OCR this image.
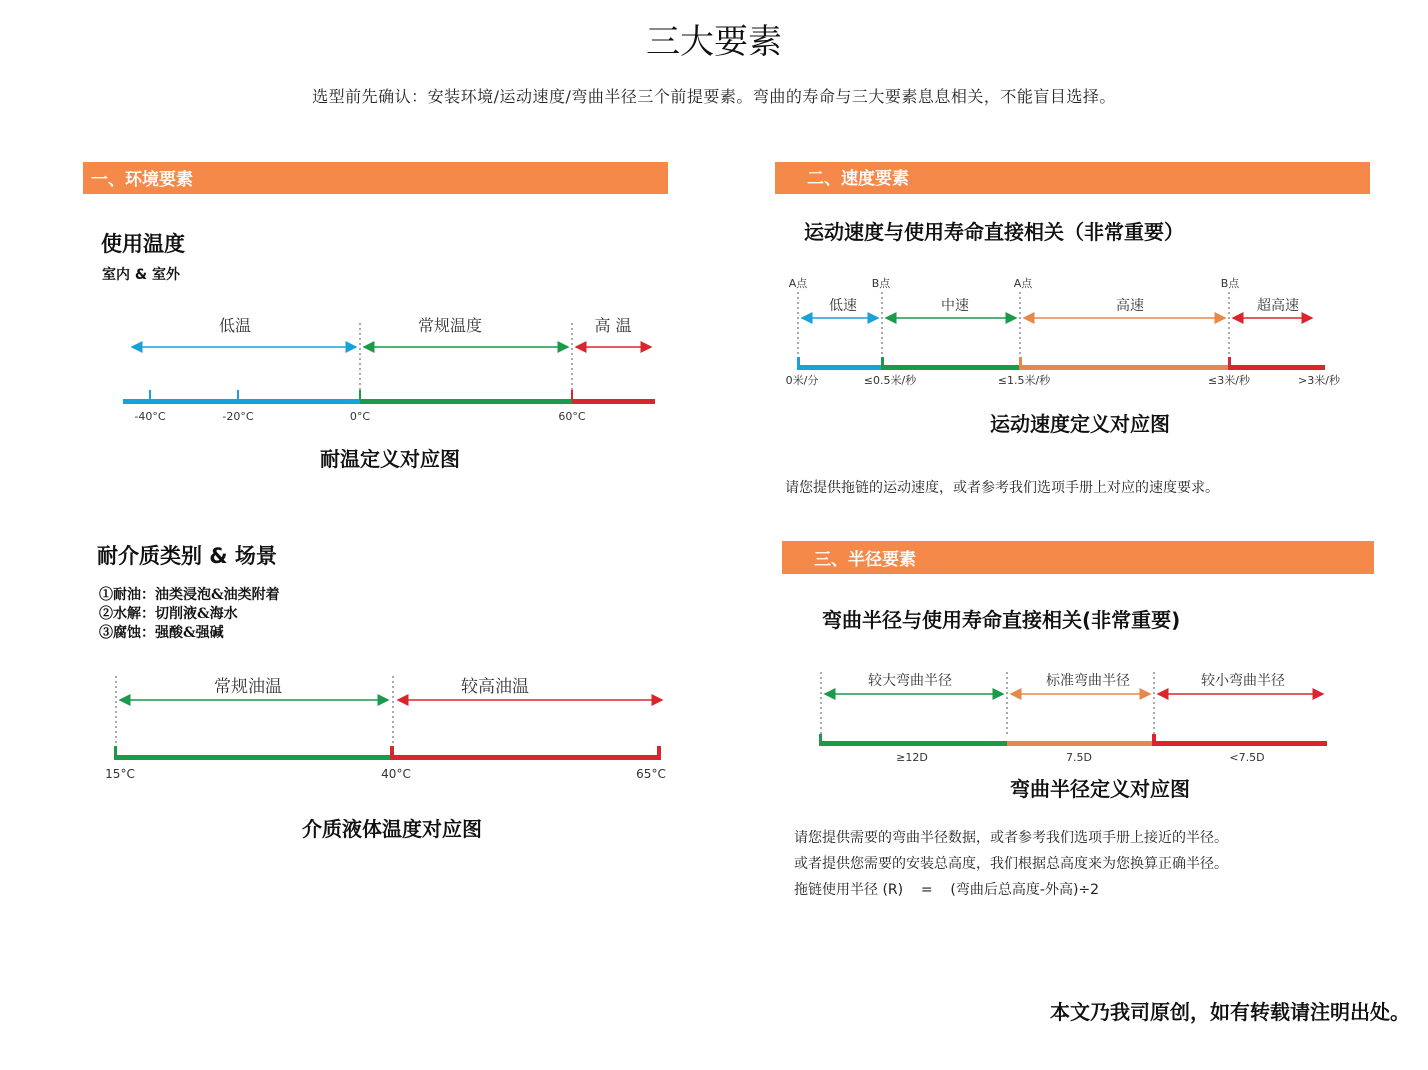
三大要素
选型前先确认：安装环境/运动速度/弯曲半径三个前提要素。弯曲的寿命与三大要素息息相关，不能盲目选择。
一、环境要素
使用温度
室内 & 室外
低温	常规温度	高 温
-40°C	-20°C	0°C	60°C
耐温定义对应图
耐介质类别 & 场景
①耐油：油类浸泡&油类附着
②水解：切削液&海水
③腐蚀：强酸&强碱
常规油温	较高油温
15°C	40°C	65°C
介质液体温度对应图
二、速度要素
运动速度与使用寿命直接相关（非常重要）
A点	B点	A点	B点
低速	中速	高速	超高速
0米/分	≤0.5米/秒	≤1.5米/秒	≤3米/秒	>3米/秒
运动速度定义对应图
请您提供拖链的运动速度，或者参考我们选项手册上对应的速度要求。
三、半径要素
弯曲半径与使用寿命直接相关(非常重要)
较大弯曲半径	标准弯曲半径	较小弯曲半径
≥12D	7.5D	<7.5D
弯曲半径定义对应图
请您提供需要的弯曲半径数据，或者参考我们选项手册上接近的半径。
或者提供您需要的安装总高度，我们根据总高度来为您换算正确半径。
拖链使用半径 (R)    =    (弯曲后总高度-外高)÷2
本文乃我司原创，如有转载请注明出处。
